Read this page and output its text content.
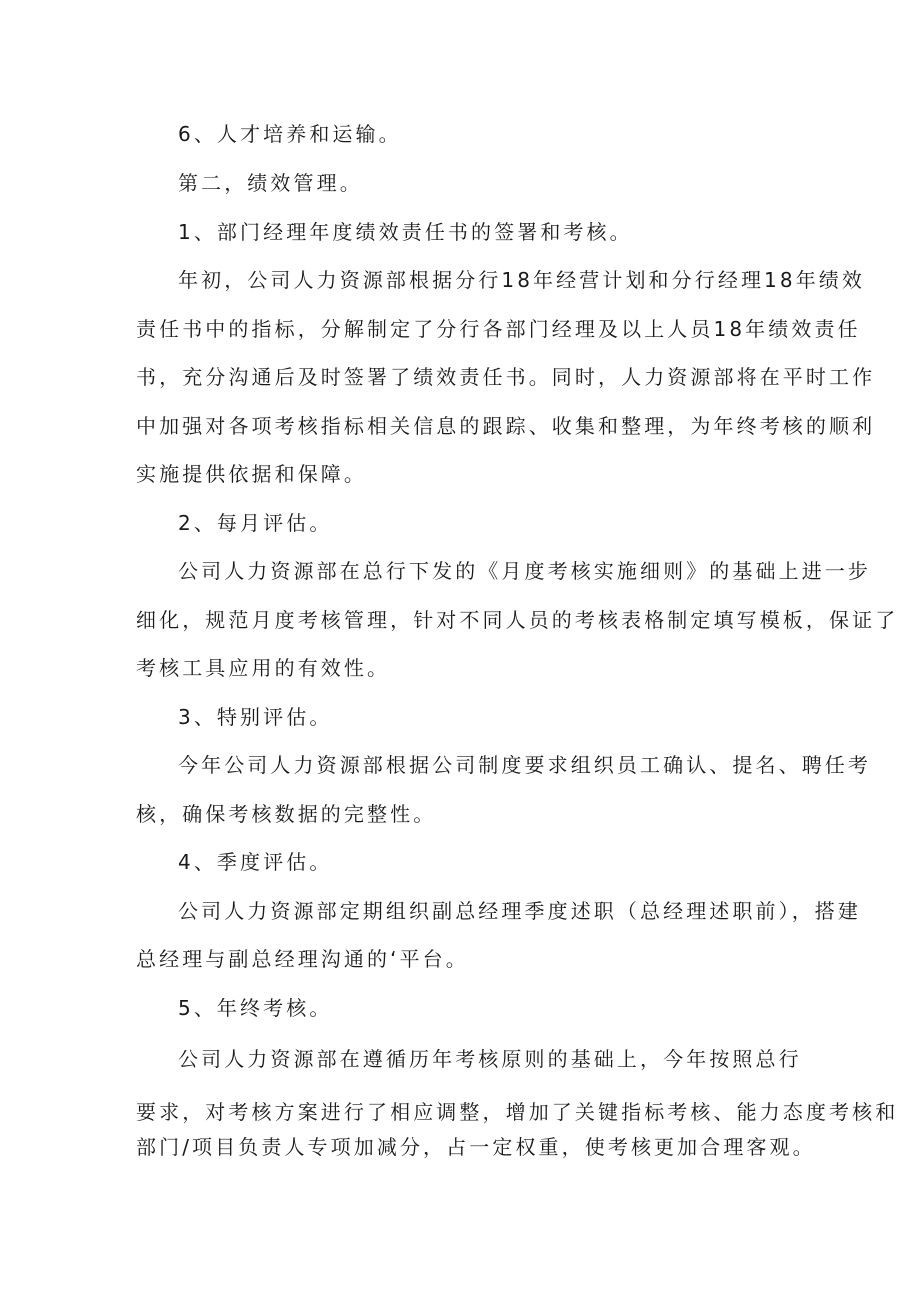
6、人才培养和运输。
第二，绩效管理。
1、部门经理年度绩效责任书的签署和考核。
年初，公司人力资源部根据分行18年经营计划和分行经理18年绩效
责任书中的指标，分解制定了分行各部门经理及以上人员18年绩效责任
书，充分沟通后及时签署了绩效责任书。同时，人力资源部将在平时工作
中加强对各项考核指标相关信息的跟踪、收集和整理，为年终考核的顺利
实施提供依据和保障。
2、每月评估。
公司人力资源部在总行下发的《月度考核实施细则》的基础上进一步
细化，规范月度考核管理，针对不同人员的考核表格制定填写模板，保证了
考核工具应用的有效性。
3、特别评估。
今年公司人力资源部根据公司制度要求组织员工确认、提名、聘任考
核，确保考核数据的完整性。
4、季度评估。
公司人力资源部定期组织副总经理季度述职（总经理述职前），搭建
总经理与副总经理沟通的‘平台。
5、年终考核。
公司人力资源部在遵循历年考核原则的基础上，今年按照总行
要求，对考核方案进行了相应调整，增加了关键指标考核、能力态度考核和
部门/项目负责人专项加减分，占一定权重，使考核更加合理客观。
